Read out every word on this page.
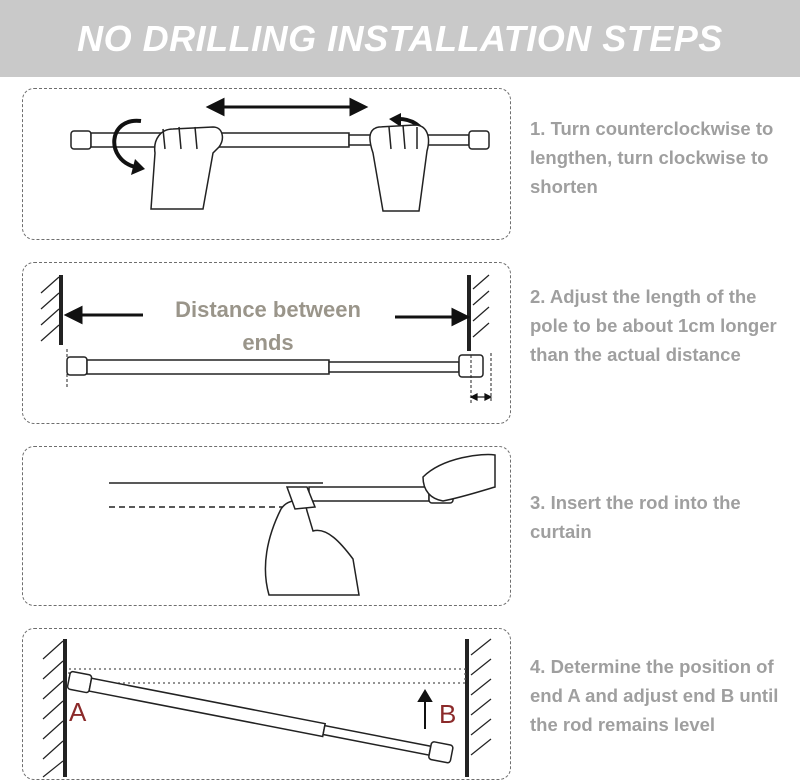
NO DRILLING INSTALLATION STEPS
1. Turn counterclockwise to lengthen, turn clockwise to shorten
Distance between ends
2. Adjust the length of the pole to be about 1cm longer than the actual distance
3. Insert the rod into the curtain
A	B
4. Determine the position of end A and adjust end B until the rod remains level
